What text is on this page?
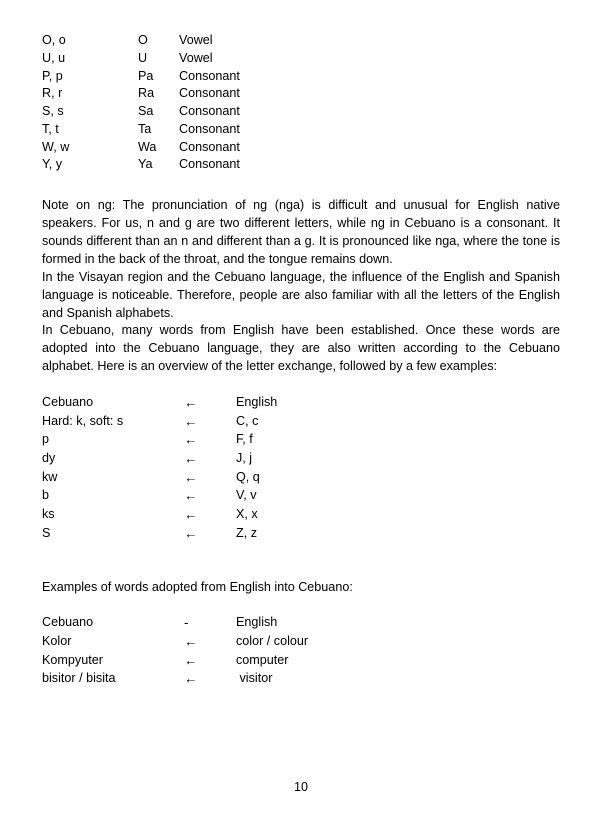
O, o	O	Vowel
U, u	U	Vowel
P, p	Pa	Consonant
R, r	Ra	Consonant
S, s	Sa	Consonant
T, t	Ta	Consonant
W, w	Wa	Consonant
Y, y	Ya	Consonant

Note on ng: The pronunciation of ng (nga) is difficult and unusual for English native speakers. For us, n and g are two different letters, while ng in Cebuano is a consonant. It sounds different than an n and different than a g. It is pronounced like nga, where the tone is formed in the back of the throat, and the tongue remains down.

In the Visayan region and the Cebuano language, the influence of the English and Spanish language is noticeable. Therefore, people are also familiar with all the letters of the English and Spanish alphabets.

In Cebuano, many words from English have been established. Once these words are adopted into the Cebuano language, they are also written according to the Cebuano alphabet. Here is an overview of the letter exchange, followed by a few examples:

Cebuano	←	English
Hard: k, soft: s	←	C, c
p	←	F, f
dy	←	J, j
kw	←	Q, q
b	←	V, v
ks	←	X, x
S	←	Z, z
Examples of words adopted from English into Cebuano:
Cebuano	-	English
Kolor	←	color / colour
Kompyuter	←	computer
bisitor / bisita	←	visitor
10
